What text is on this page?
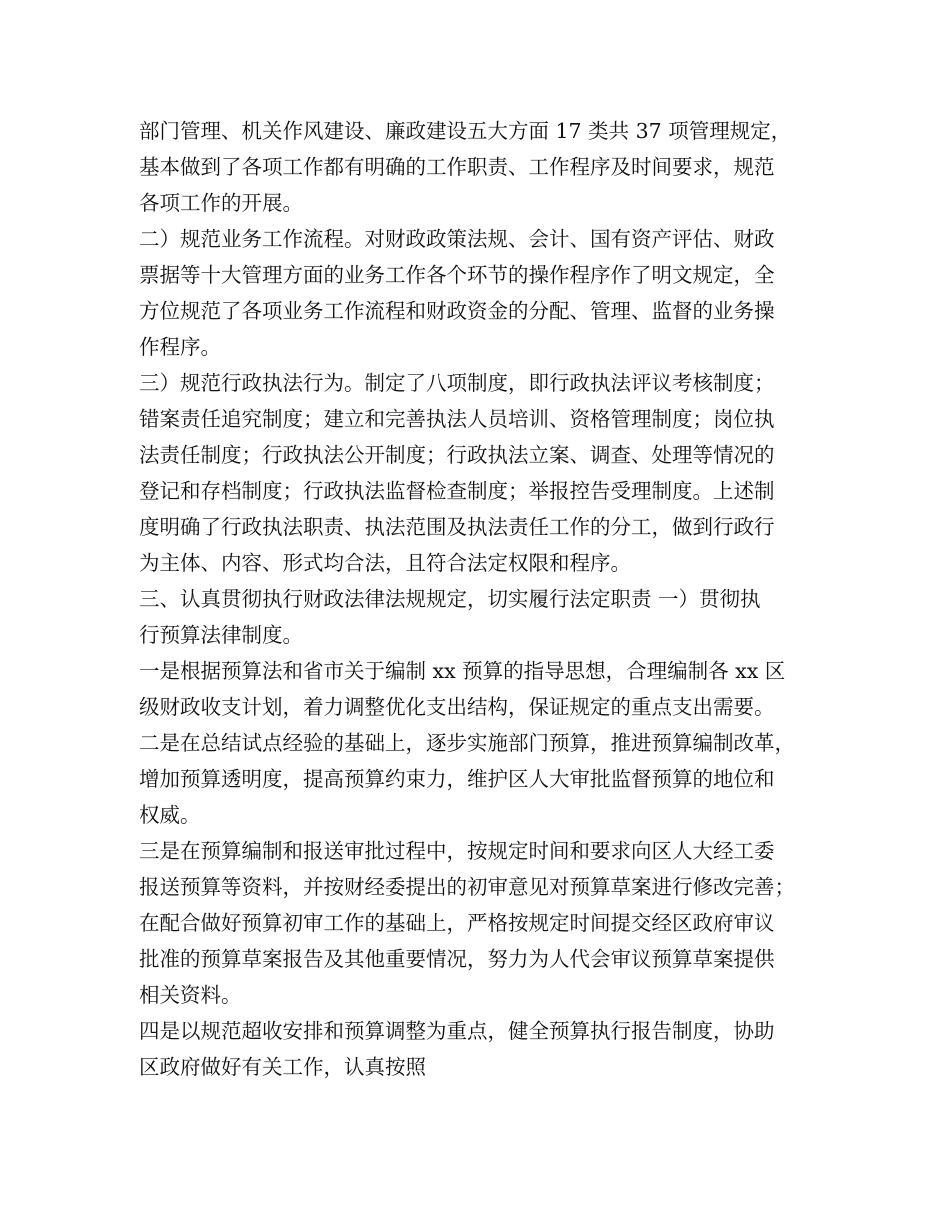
部门管理、机关作风建设、廉政建设五大方面 17 类共 37 项管理规定，
基本做到了各项工作都有明确的工作职责、工作程序及时间要求，规范
各项工作的开展。
二）规范业务工作流程。对财政政策法规、会计、国有资产评估、财政
票据等十大管理方面的业务工作各个环节的操作程序作了明文规定，全
方位规范了各项业务工作流程和财政资金的分配、管理、监督的业务操
作程序。
三）规范行政执法行为。制定了八项制度，即行政执法评议考核制度；
错案责任追究制度；建立和完善执法人员培训、资格管理制度；岗位执
法责任制度；行政执法公开制度；行政执法立案、调查、处理等情况的
登记和存档制度；行政执法监督检查制度；举报控告受理制度。上述制
度明确了行政执法职责、执法范围及执法责任工作的分工，做到行政行
为主体、内容、形式均合法，且符合法定权限和程序。
三、认真贯彻执行财政法律法规规定，切实履行法定职责 一）贯彻执
行预算法律制度。
一是根据预算法和省市关于编制 xx 预算的指导思想，合理编制各 xx 区
级财政收支计划，着力调整优化支出结构，保证规定的重点支出需要。
二是在总结试点经验的基础上，逐步实施部门预算，推进预算编制改革，
增加预算透明度，提高预算约束力，维护区人大审批监督预算的地位和
权威。
三是在预算编制和报送审批过程中，按规定时间和要求向区人大经工委
报送预算等资料，并按财经委提出的初审意见对预算草案进行修改完善；
在配合做好预算初审工作的基础上，严格按规定时间提交经区政府审议
批准的预算草案报告及其他重要情况，努力为人代会审议预算草案提供
相关资料。
四是以规范超收安排和预算调整为重点，健全预算执行报告制度，协助
区政府做好有关工作，认真按照
